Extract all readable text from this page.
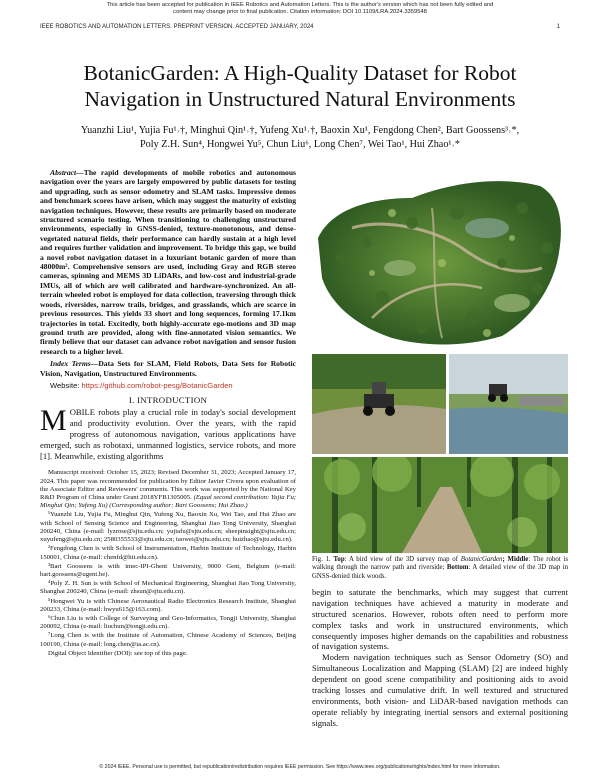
This article has been accepted for publication in IEEE Robotics and Automation Letters. This is the author's version which has not been fully edited and
content may change prior to final publication. Citation information: DOI 10.1109/LRA.2024.3359548
IEEE ROBOTICS AND AUTOMATION LETTERS. PREPRINT VERSION. ACCEPTED JANUARY, 2024	1
BotanicGarden: A High-Quality Dataset for Robot
Navigation in Unstructured Natural Environments
Yuanzhi Liu¹, Yujia Fu¹˒†, Minghui Qin¹˒†, Yufeng Xu¹˒†, Baoxin Xu¹, Fengdong Chen², Bart Goossens³˒*,
Poly Z.H. Sun⁴, Hongwei Yu⁵, Chun Liu⁶, Long Chen⁷, Wei Tao¹, Hui Zhao¹˒*

Abstract—The rapid developments of mobile robotics and autonomous navigation over the years are largely empowered by public datasets for testing and upgrading, such as sensor odometry and SLAM tasks. Impressive demos and benchmark scores have arisen, which may suggest the maturity of existing navigation techniques. However, these results are primarily based on moderate structured scenario testing. When transitioning to challenging unstructured environments, especially in GNSS-denied, texture-monotonous, and dense-vegetated natural fields, their performance can hardly sustain at a high level and requires further validation and improvement. To bridge this gap, we build a novel robot navigation dataset in a luxuriant botanic garden of more than 48000m². Comprehensive sensors are used, including Gray and RGB stereo cameras, spinning and MEMS 3D LiDARs, and low-cost and industrial-grade IMUs, all of which are well calibrated and hardware-synchronized. An all-terrain wheeled robot is employed for data collection, traversing through thick woods, riversides, narrow trails, bridges, and grasslands, which are scarce in previous resources. This yields 33 short and long sequences, forming 17.1km trajectories in total. Excitedly, both highly-accurate ego-motions and 3D map ground truth are provided, along with fine-annotated vision semantics. We firmly believe that our dataset can advance robot navigation and sensor fusion research to a higher level.

Index Terms—Data Sets for SLAM, Field Robots, Data Sets for Robotic Vision, Navigation, Unstructured Environments.

Website: https://github.com/robot-pesg/BotanicGarden
I. INTRODUCTION

MOBILE robots play a crucial role in today's social development and productivity evolution. Over the years, with the rapid progress of autonomous navigation, various applications have emerged, such as robotaxi, unmanned logistics, service robots, and more [1]. Meanwhile, existing algorithms

Manuscript received: October 15, 2023; Revised December 31, 2023; Accepted January 17, 2024. This paper was recommended for publication by Editor Javier Civera upon evaluation of the Associate Editor and Reviewers' comments. This work was supported by the National Key R&D Program of China under Grant 2018YFB1305005. (Equal second contribution: Yujia Fu; Minghui Qin; Yufeng Xu) (Corresponding author: Bart Goossens; Hui Zhao.)

¹Yuanzhi Liu, Yujia Fu, Minghui Qin, Yufeng Xu, Baoxin Xu, Wei Tao, and Hui Zhao are with School of Sensing Science and Engineering, Shanghai Jiao Tong University, Shanghai 200240, China (e-mail: lyzrose@sjtu.edu.cn; yujiafu@sjtu.edu.cn; sheepinsight@sjtu.edu.cn; xuyufeng@sjtu.edu.cn; 2580355533@sjtu.edu.cn; taowei@sjtu.edu.cn; huizhao@sjtu.edu.cn).

²Fengdong Chen is with School of Instrumentation, Harbin Institute of Technology, Harbin 150001, China (e-mail: chenfd@hit.edu.cn).

³Bart Goossens is with imec-IPI-Ghent University, 9000 Gent, Belgium (e-mail: bart.goossens@ugent.be).

⁴Poly Z. H. Sun is with School of Mechanical Engineering, Shanghai Jiao Tong University, Shanghai 200240, China (e-mail: zhsun@sjtu.edu.cn).

⁵Hongwei Yu is with Chinese Aeronautical Radio Electronics Research Institute, Shanghai 200233, China (e-mail: hwyu615@163.com).

⁶Chun Liu is with College of Surveying and Geo-Informatics, Tongji University, Shanghai 200092, China (e-mail: liuchun@tongji.edu.cn).

⁷Long Chen is with the Institute of Automation, Chinese Academy of Sciences, Beijing 100190, China (e-mail: long.chen@ia.ac.cn).

Digital Object Identifier (DOI): see top of this page.

Fig. 1. Top: A bird view of the 3D survey map of BotanicGarden; Middle: The robot is walking through the narrow path and riverside; Bottom: A detailed view of the 3D map in GNSS-denied thick woods.

begin to saturate the benchmarks, which may suggest that current navigation techniques have achieved a maturity in moderate and structured scenarios. However, robots often need to perform more complex tasks and work in unstructured environments, which consequently imposes higher demands on the capabilities and robustness of navigation systems.

Modern navigation techniques such as Sensor Odometry (SO) and Simultaneous Localization and Mapping (SLAM) [2] are indeed highly dependent on good scene compatibility and positioning aids to avoid tracking losses and cumulative drift. In well textured and structured environments, both vision- and LiDAR-based navigation methods can operate reliably by integrating inertial sensors and external positioning signals.

© 2024 IEEE. Personal use is permitted, but republication/redistribution requires IEEE permission. See https://www.ieee.org/publications/rights/index.html for more information.
